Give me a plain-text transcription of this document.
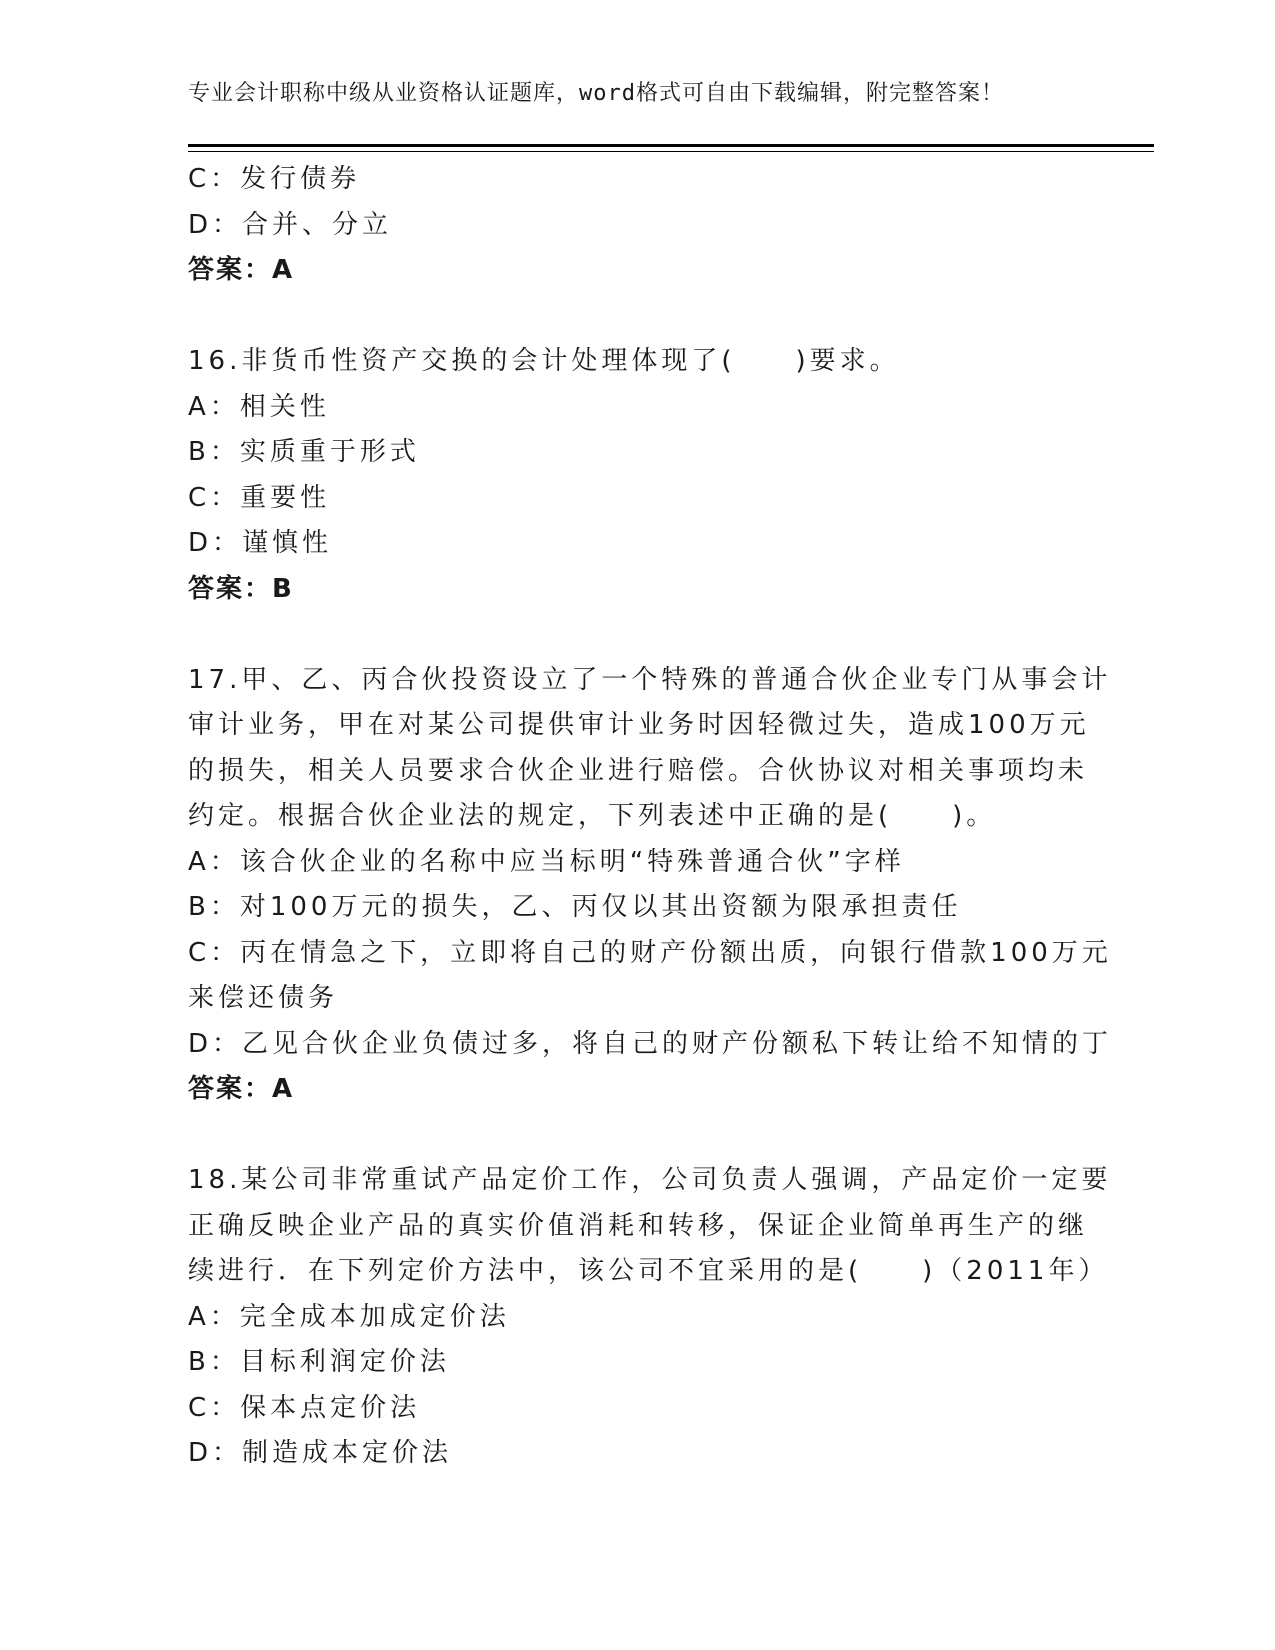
专业会计职称中级从业资格认证题库，word格式可自由下载编辑，附完整答案！
C：发行债券
D：合并、分立
答案：A
16.非货币性资产交换的会计处理体现了(　　)要求。
A：相关性
B：实质重于形式
C：重要性
D：谨慎性
答案：B
17.甲、乙、丙合伙投资设立了一个特殊的普通合伙企业专门从事会计
审计业务，甲在对某公司提供审计业务时因轻微过失，造成100万元
的损失，相关人员要求合伙企业进行赔偿。合伙协议对相关事项均未
约定。根据合伙企业法的规定，下列表述中正确的是(　　)。
A：该合伙企业的名称中应当标明“特殊普通合伙”字样
B：对100万元的损失，乙、丙仅以其出资额为限承担责任
C：丙在情急之下，立即将自己的财产份额出质，向银行借款100万元
来偿还债务
D：乙见合伙企业负债过多，将自己的财产份额私下转让给不知情的丁
答案：A
18.某公司非常重试产品定价工作，公司负责人强调，产品定价一定要
正确反映企业产品的真实价值消耗和转移，保证企业简单再生产的继
续进行．在下列定价方法中，该公司不宜采用的是(　　)（2011年）
A：完全成本加成定价法
B：目标利润定价法
C：保本点定价法
D：制造成本定价法
